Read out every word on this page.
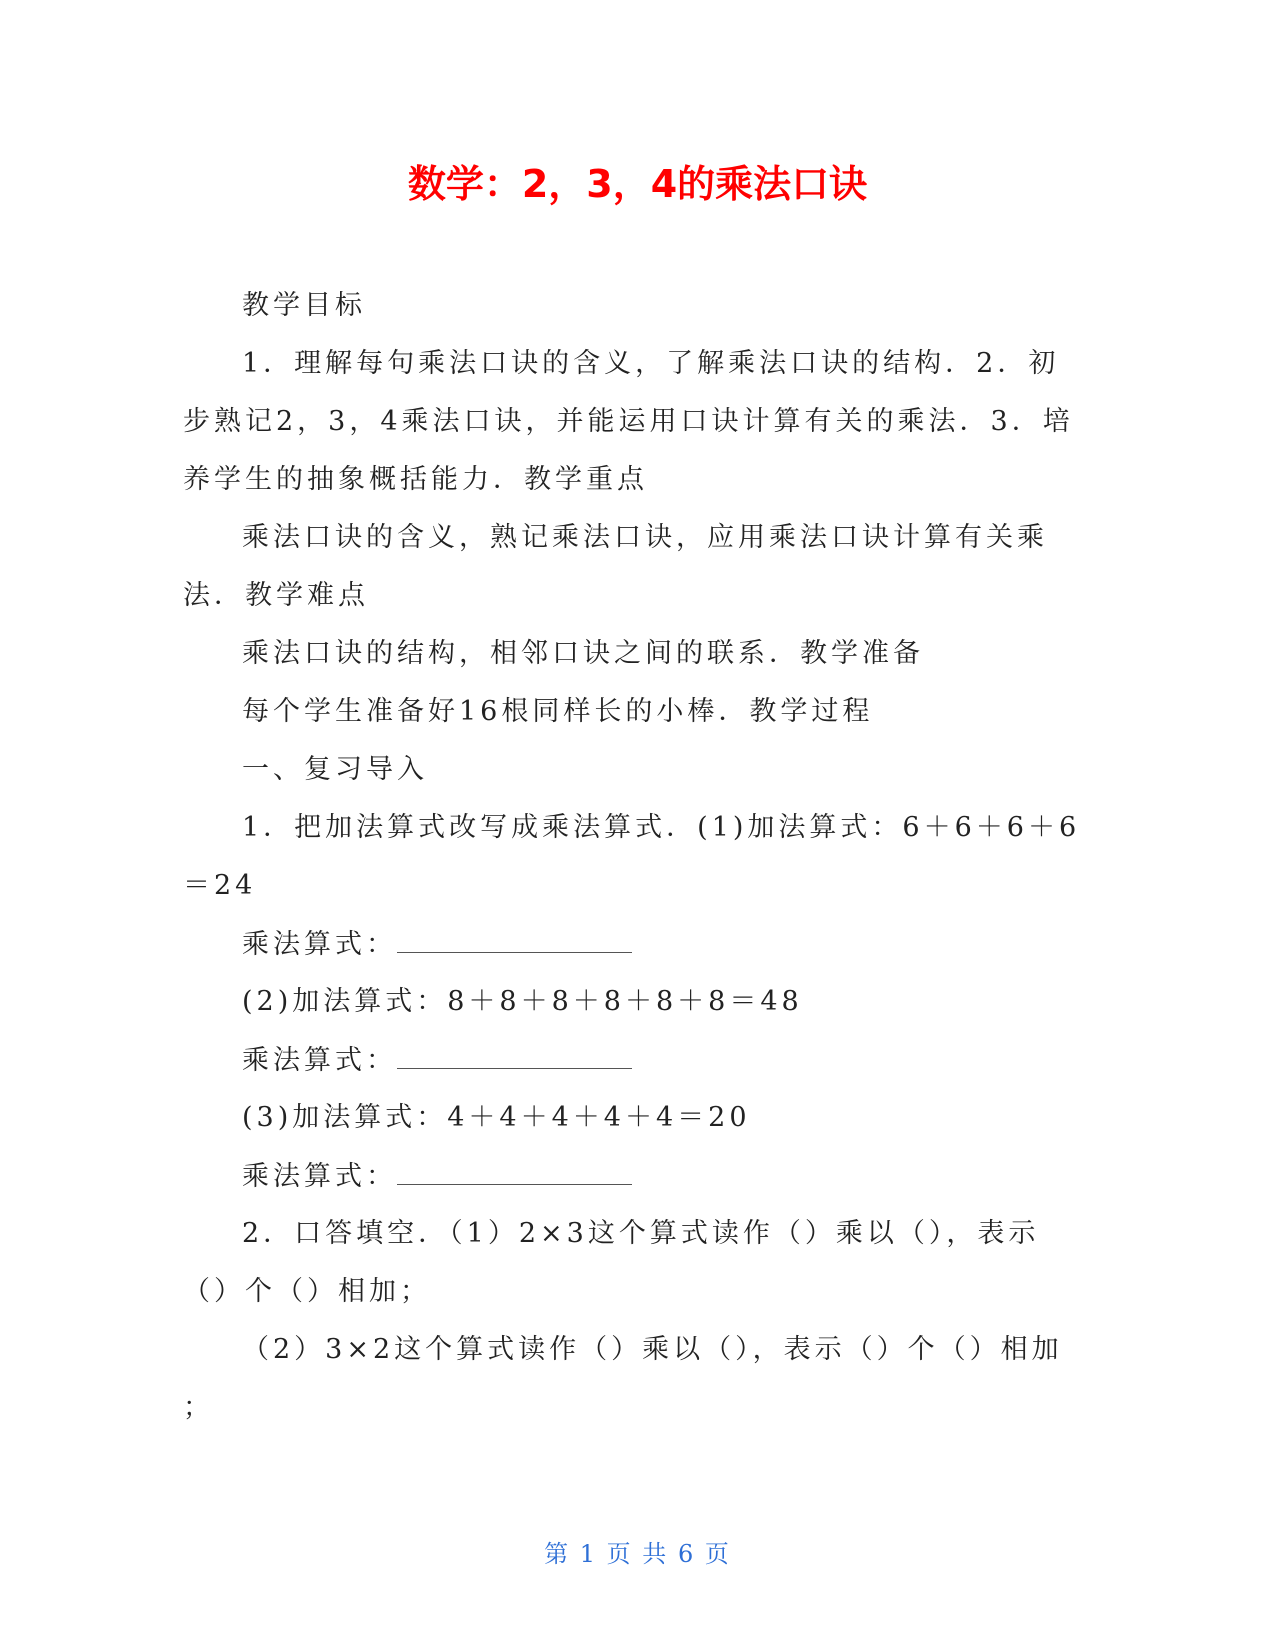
数学：2，3，4的乘法口诀
教学目标
1．理解每句乘法口诀的含义，了解乘法口诀的结构．2．初
步熟记2，3，4乘法口诀，并能运用口诀计算有关的乘法．3．培
养学生的抽象概括能力．教学重点
乘法口诀的含义，熟记乘法口诀，应用乘法口诀计算有关乘
法．教学难点
乘法口诀的结构，相邻口诀之间的联系．教学准备
每个学生准备好16根同样长的小棒．教学过程
一、复习导入
1．把加法算式改写成乘法算式．(1)加法算式：6＋6＋6＋6
＝24
乘法算式：
(2)加法算式：8＋8＋8＋8＋8＋8＝48
乘法算式：
(3)加法算式：4＋4＋4＋4＋4＝20
乘法算式：
2．口答填空．（1）2×3这个算式读作（）乘以（），表示
（）个（）相加；
（2）3×2这个算式读作（）乘以（），表示（）个（）相加
；
第 1 页 共 6 页
